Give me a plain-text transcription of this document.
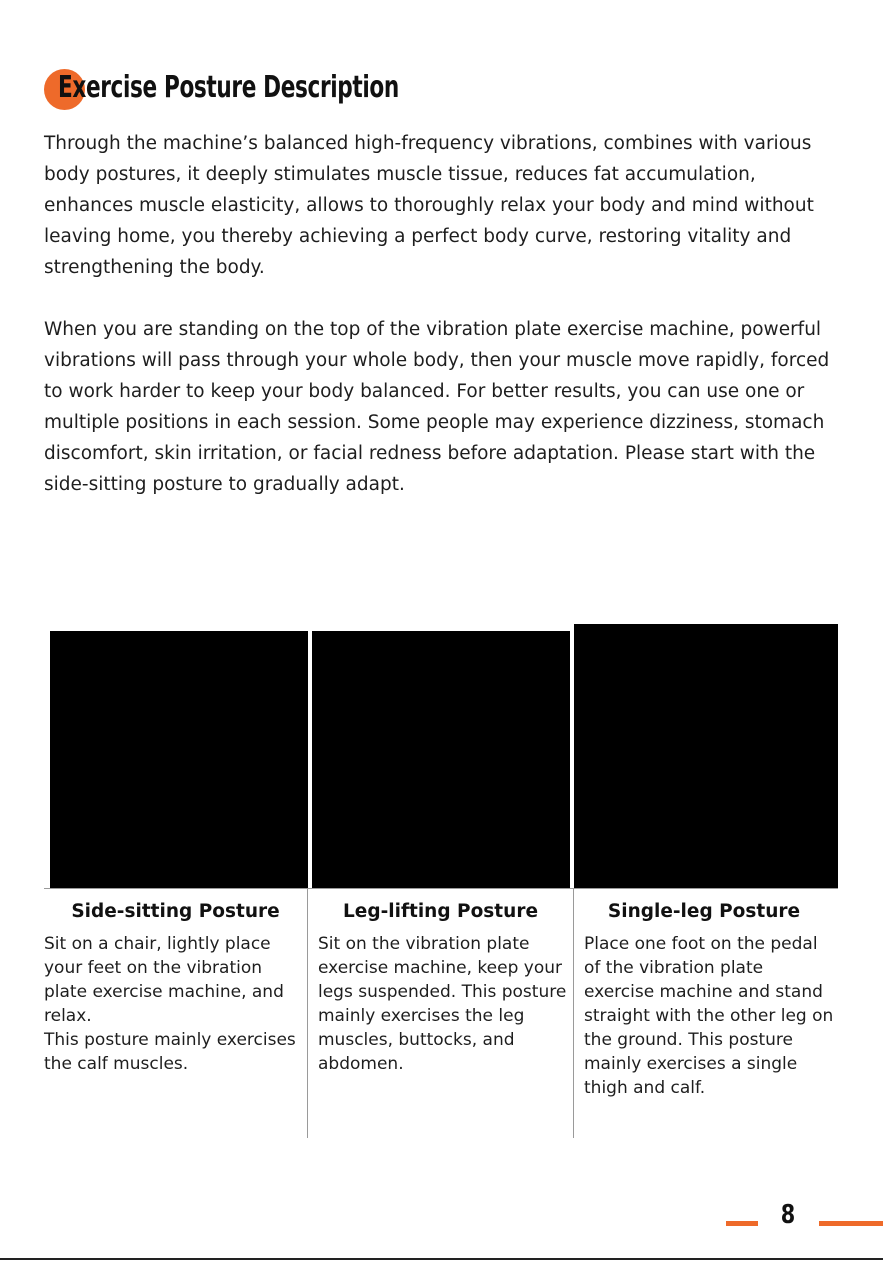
Exercise Posture Description

Through the machine’s balanced high-frequency vibrations, combines with various body postures, it deeply stimulates muscle tissue, reduces fat accumulation, enhances muscle elasticity, allows to thoroughly relax your body and mind without leaving home, you thereby achieving a perfect body curve, restoring vitality and strengthening the body.

When you are standing on the top of the vibration plate exercise machine, powerful vibrations will pass through your whole body, then your muscle move rapidly, forced to work harder to keep your body balanced. For better results, you can use one or multiple positions in each session. Some people may experience dizziness, stomach discomfort, skin irritation, or facial redness before adaptation. Please start with the side-sitting posture to gradually adapt.

Side-sitting Posture	Leg-lifting Posture	Single-leg Posture

Sit on a chair, lightly place your feet on the vibration plate exercise machine, and relax.
This posture mainly exercises the calf muscles.

Sit on the vibration plate exercise machine, keep your legs suspended. This posture mainly exercises the leg muscles, buttocks, and abdomen.

Place one foot on the pedal of the vibration plate exercise machine and stand straight with the other leg on the ground. This posture mainly exercises a single thigh and calf.

8
